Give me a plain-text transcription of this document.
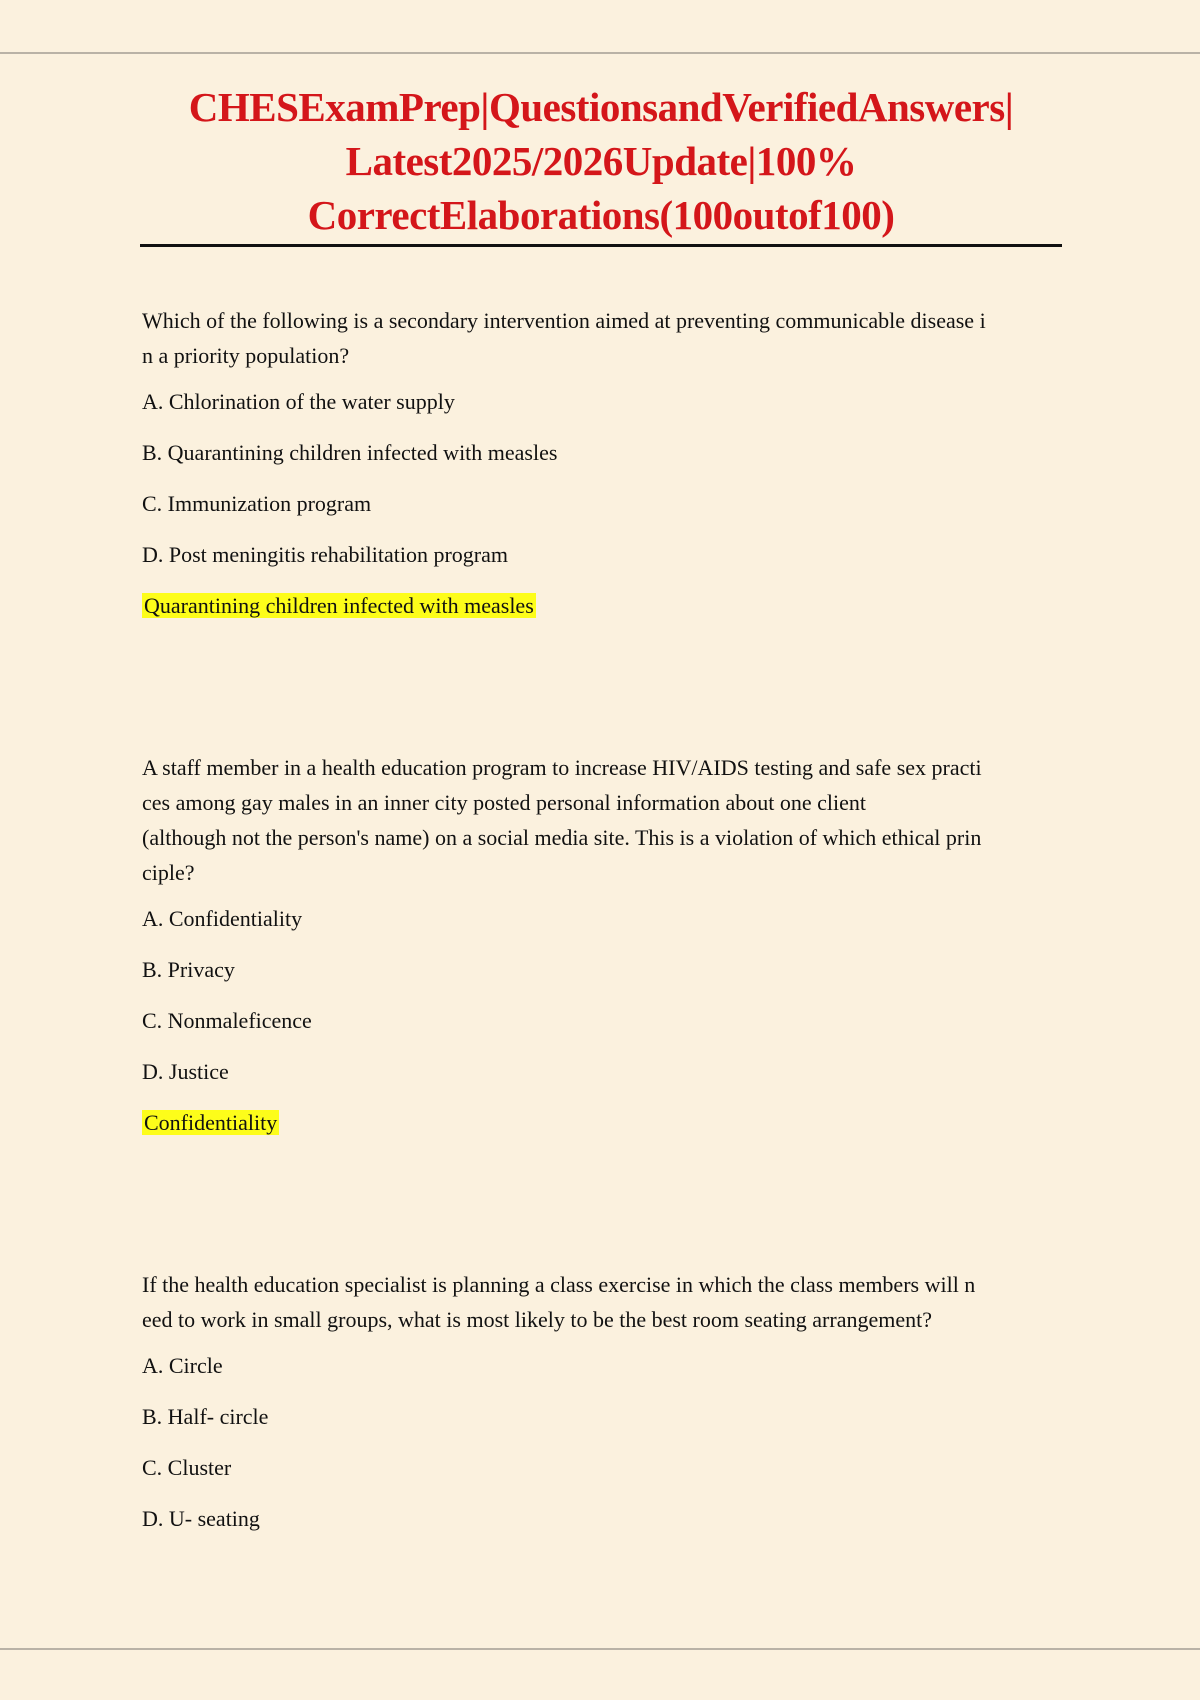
CHESExamPrep|QuestionsandVerifiedAnswers|
Latest2025/2026Update|100%
CorrectElaborations(100outof100)

Which of the following is a secondary intervention aimed at preventing communicable disease i
n a priority population?

A. Chlorination of the water supply

B. Quarantining children infected with measles

C. Immunization program

D. Post meningitis rehabilitation program

Quarantining children infected with measles

A staff member in a health education program to increase HIV/AIDS testing and safe sex practi
ces among gay males in an inner city posted personal information about one client
(although not the person's name) on a social media site. This is a violation of which ethical prin
ciple?

A. Confidentiality

B. Privacy

C. Nonmaleficence

D. Justice

Confidentiality

If the health education specialist is planning a class exercise in which the class members will n
eed to work in small groups, what is most likely to be the best room seating arrangement?

A. Circle

B. Half- circle

C. Cluster

D. U- seating
